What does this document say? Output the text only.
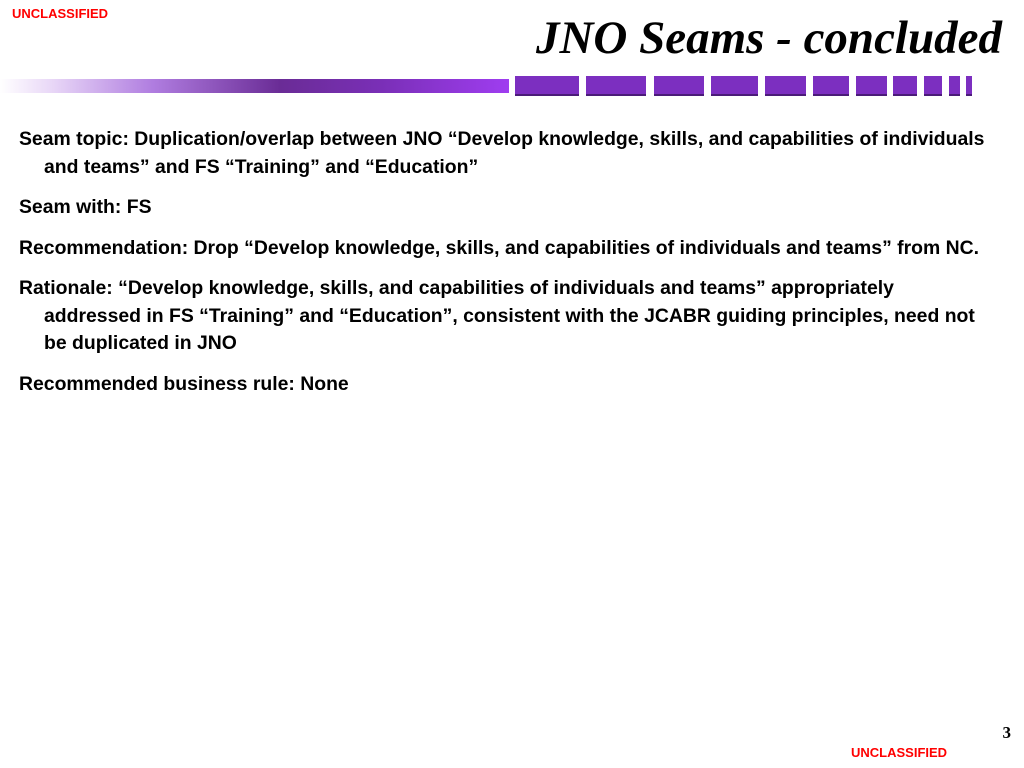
UNCLASSIFIED	JNO Seams - concluded

Seam topic: Duplication/overlap between JNO “Develop knowledge, skills, and capabilities of individuals and teams” and FS “Training” and “Education”

Seam with: FS

Recommendation: Drop “Develop knowledge, skills, and capabilities of individuals and teams” from NC.

Rationale: “Develop knowledge, skills, and capabilities of individuals and teams” appropriately addressed in FS “Training” and “Education”, consistent with the JCABR guiding principles, need not be duplicated in JNO

Recommended business rule: None

3
UNCLASSIFIED
